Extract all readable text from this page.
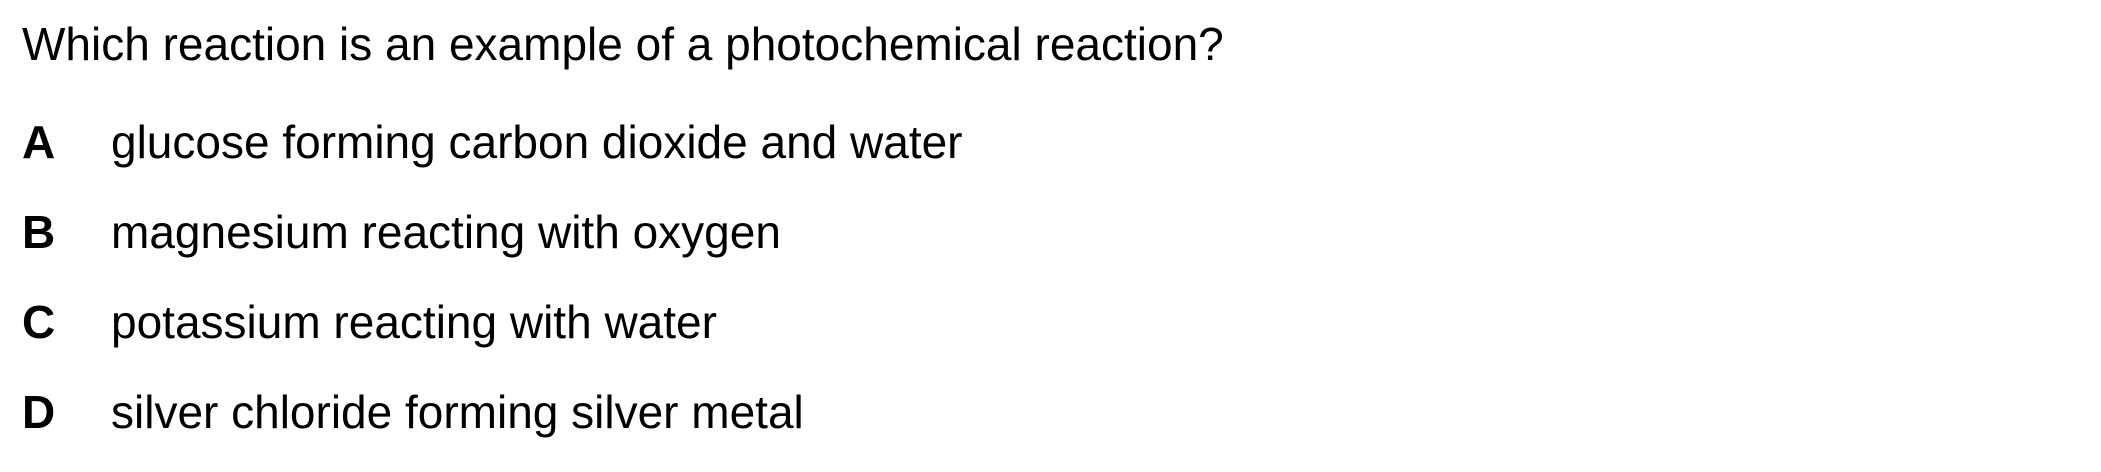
Which reaction is an example of a photochemical reaction?
A	glucose forming carbon dioxide and water
B	magnesium reacting with oxygen
C	potassium reacting with water
D	silver chloride forming silver metal
